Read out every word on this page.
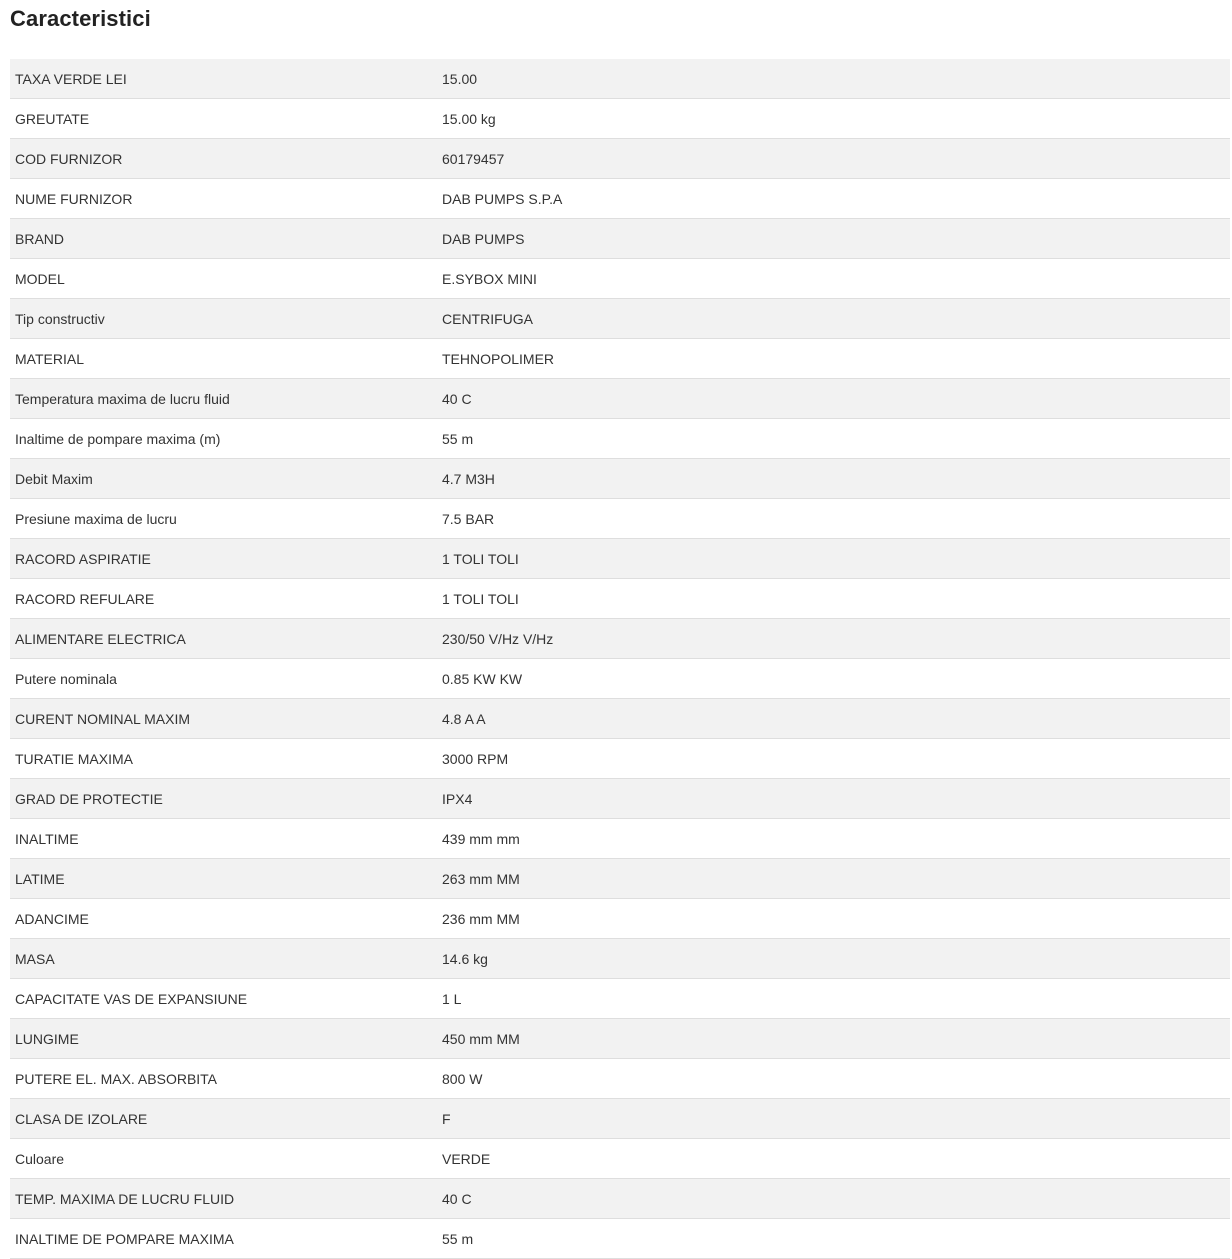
Caracteristici
TAXA VERDE LEI	15.00
GREUTATE	15.00 kg
COD FURNIZOR	60179457
NUME FURNIZOR	DAB PUMPS S.P.A
BRAND	DAB PUMPS
MODEL	E.SYBOX MINI
Tip constructiv	CENTRIFUGA
MATERIAL	TEHNOPOLIMER
Temperatura maxima de lucru fluid	40 C
Inaltime de pompare maxima (m)	55 m
Debit Maxim	4.7 M3H
Presiune maxima de lucru	7.5 BAR
RACORD ASPIRATIE	1 TOLI TOLI
RACORD REFULARE	1 TOLI TOLI
ALIMENTARE ELECTRICA	230/50 V/Hz V/Hz
Putere nominala	0.85 KW KW
CURENT NOMINAL MAXIM	4.8 A A
TURATIE MAXIMA	3000 RPM
GRAD DE PROTECTIE	IPX4
INALTIME	439 mm mm
LATIME	263 mm MM
ADANCIME	236 mm MM
MASA	14.6 kg
CAPACITATE VAS DE EXPANSIUNE	1 L
LUNGIME	450 mm MM
PUTERE EL. MAX. ABSORBITA	800 W
CLASA DE IZOLARE	F
Culoare	VERDE
TEMP. MAXIMA DE LUCRU FLUID	40 C
INALTIME DE POMPARE MAXIMA	55 m
